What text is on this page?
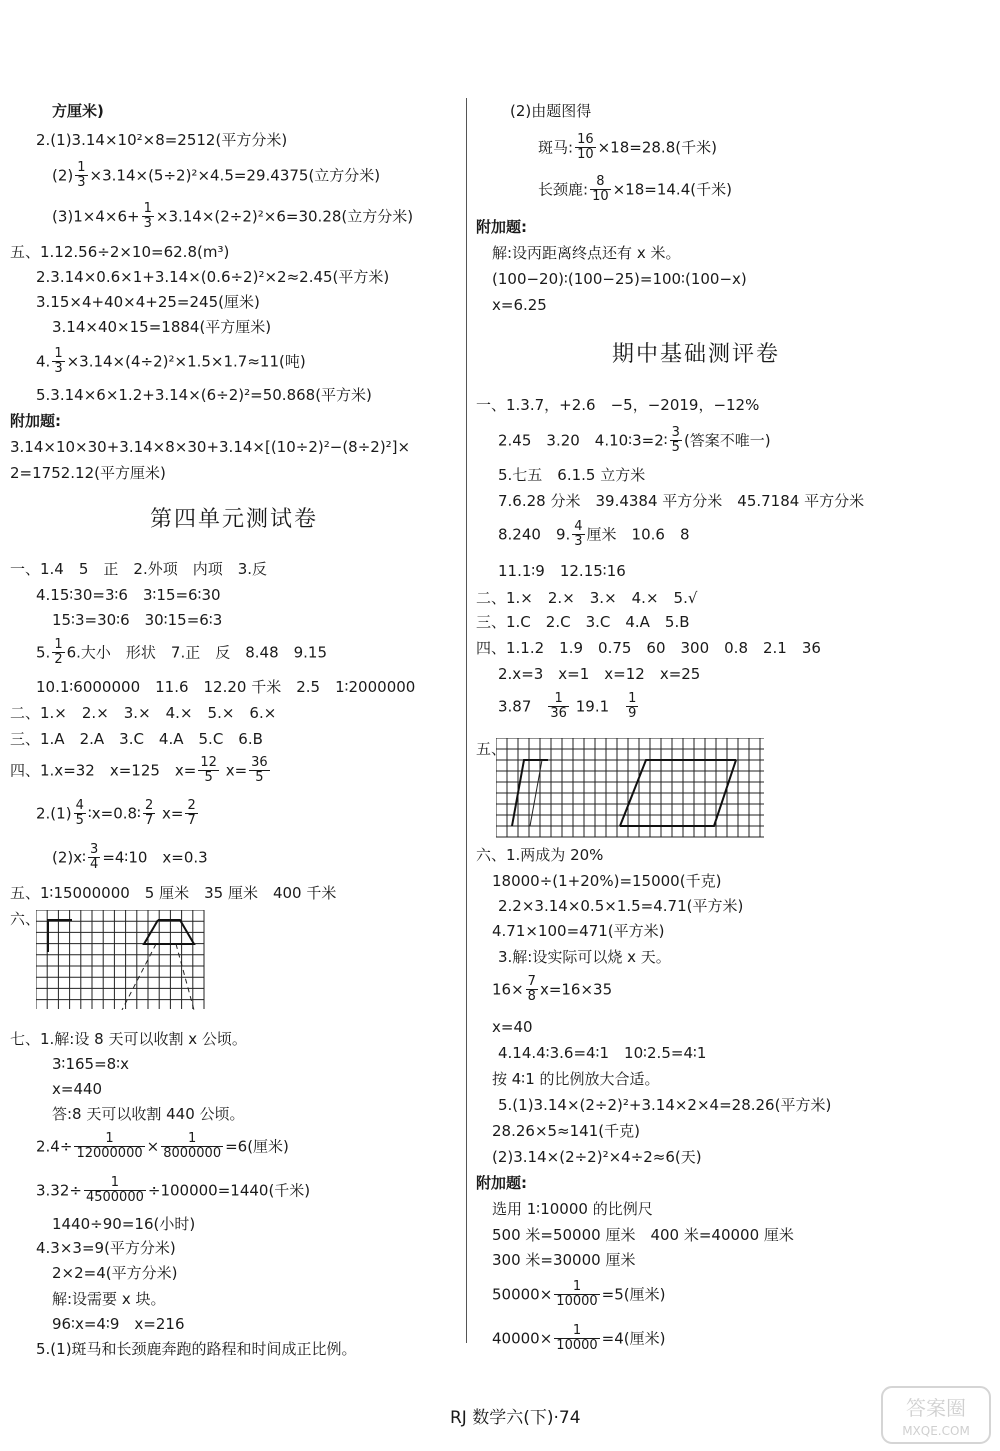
方厘米)
2.(1)3.14×10²×8=2512(平方分米)
$(2) \frac{1}{3} \times 3.14\times(5\div 2)^2\times 4.5=29.4375$(立方分米)
$(3)1\times 4\times 6+ \frac{1}{3} \times 3.14\times(2\div 2)^2\times 6=30.28$(立方分米)
五、1.12.56÷2×10=62.8(m³)
2.3.14×0.6×1+3.14×(0.6÷2)²×2≈2.45(平方米)
3.15×4+40×4+25=245(厘米)
3.14×40×15=1884(平方厘米)
4. $\frac{1}{3} \times 3.14\times(4\div 2)^2\times 1.5\times 1.7\approx 11$(吨)
5.3.14×6×1.2+3.14×(6÷2)²=50.868(平方米)
附加题:
3.14×10×30+3.14×8×30+3.14×[(10÷2)²−(8÷2)²]×
2=1752.12(平方厘米)
第四单元测试卷
一、1.4　5　正　2.外项　内项　3.反
4.15∶30=3∶6　3∶15=6∶30
15∶3=30∶6　30∶15=6∶3
5. $\frac{1}{2} 6$.大小　形状　7.正　反　8.48　9.15
10.1∶6000000　11.6　12.20 千米　2.5　1∶2000000
二、1.×　2.×　3.×　4.×　5.×　6.×
三、1.A　2.A　3.C　4.A　5.C　6.B
四、1.x=32　x=125　$x= \frac{12}{5} x= \frac{36}{5}$
$2.(1) \frac{4}{5}$ ∶x=0.8∶ $\frac{2}{7} x= \frac{2}{7}$
(2)x∶ $\frac{3}{4}$ =4∶10　x=0.3
五、1∶15000000　5 厘米　35 厘米　400 千米
六、
七、1.解:设 8 天可以收割 x 公顷。
3∶165=8∶x
x=440
答:8 天可以收割 440 公顷。
$2.4\div \frac{1}{12000000} \times \frac{1}{8000000} =6$(厘米)
$3.32\div \frac{1}{4500000} \div 100000=1440$(千米)
1440÷90=16(小时)
4.3×3=9(平方分米)
2×2=4(平方分米)
解:设需要 x 块。
96∶x=4∶9　x=216
5.(1)斑马和长颈鹿奔跑的路程和时间成正比例。
(2)由题图得
斑马: $\frac{16}{10} \times 18=28.8$(千米)
长颈鹿: $\frac{8}{10} \times 18=14.4$(千米)
附加题:
解:设丙距离终点还有 x 米。
(100−20)∶(100−25)=100∶(100−x)
x=6.25
期中基础测评卷
一、1.3.7，+2.6　−5，−2019，−12%
2.45　3.20　4.10∶3=2∶ $\frac{3}{5}$ (答案不唯一)
5.七五　6.1.5 立方米
7.6.28 分米　39.4384 平方分米　45.7184 平方分米
8.240　9. $\frac{4}{3}$ 厘米　10.6　8
11.1∶9　12.15∶16
二、1.×　2.×　3.×　4.×　5.√
三、1.C　2.C　3.C　4.A　5.B
四、1.1.2　1.9　0.75　60　300　0.8　2.1　36
2.x=3　x=1　x=12　x=25
3.87　 $\frac{1}{36} 19.1$　 $\frac{1}{9}$
五、
六、1.两成为 20%
18000÷(1+20%)=15000(千克)
2.2×3.14×0.5×1.5=4.71(平方米)
4.71×100=471(平方米)
3.解:设实际可以烧 x 天。
$16\times \frac{7}{8} x=16\times 35$
x=40
4.14.4∶3.6=4∶1　10∶2.5=4∶1
按 4∶1 的比例放大合适。
5.(1)3.14×(2÷2)²+3.14×2×4=28.26(平方米)
28.26×5≈141(千克)
(2)3.14×(2÷2)²×4÷2≈6(天)
附加题:
选用 1∶10000 的比例尺
500 米=50000 厘米　400 米=40000 厘米
300 米=30000 厘米
$50000\times \frac{1}{10000} =5$(厘米)
$40000\times \frac{1}{10000} =4$(厘米)
RJ 数学六(下)·74	答案圈
MXQE.COM
